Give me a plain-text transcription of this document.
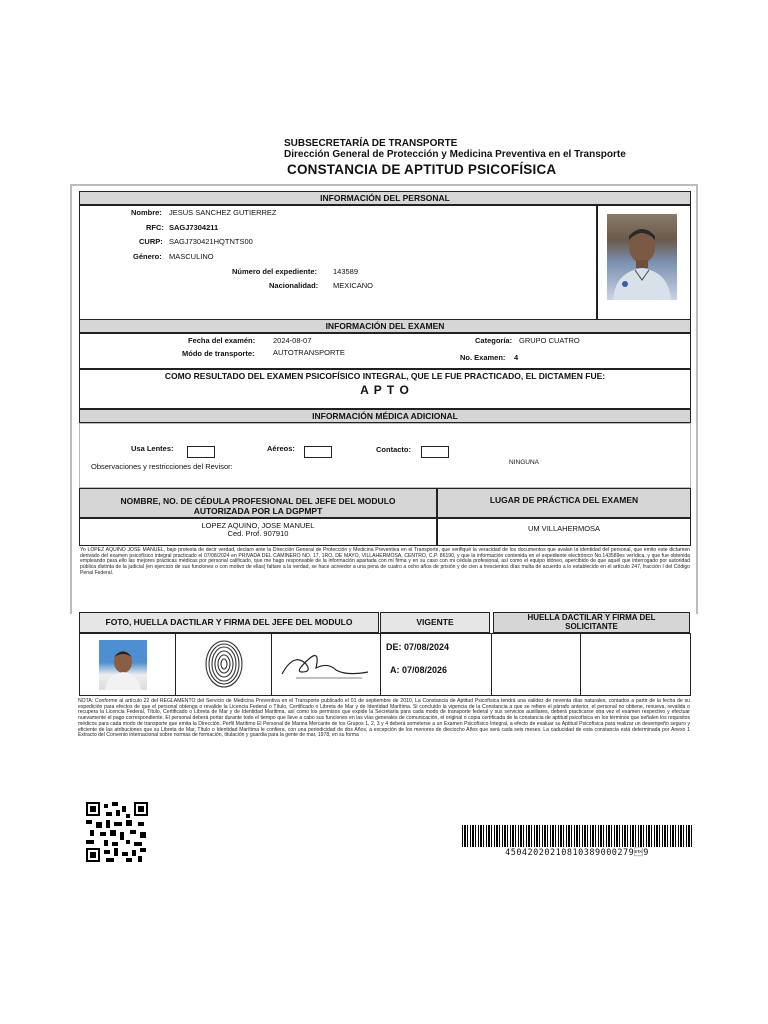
SUBSECRETARÍA DE TRANSPORTE
Dirección General de Protección y Medicina Preventiva en el Transporte
CONSTANCIA DE APTITUD PSICOFÍSICA
INFORMACIÓN DEL PERSONAL
Nombre: JESUS SANCHEZ GUTIERREZ
RFC: SAGJ7304211
CURP: SAGJ730421HQTNTS00
Género: MASCULINO
Número del expediente: 143589
Nacionalidad: MEXICANO
INFORMACIÓN DEL EXAMEN
Fecha del examén: 2024-08-07
Módo de transporte: AUTOTRANSPORTE
Categoría: GRUPO CUATRO
No. Examen: 4
COMO RESULTADO DEL EXAMEN PSICOFÍSICO INTEGRAL, QUE LE FUE PRACTICADO, EL DICTAMEN FUE:
A P T O
INFORMACIÓN MÉDICA ADICIONAL
Usa Lentes:	Aéreos:	Contacto:
Observaciones y restricciones del Revisor:	NINGUNA
NOMBRE, NO. DE CÉDULA PROFESIONAL DEL JEFE DEL MODULO AUTORIZADA POR LA DGPMPT
LUGAR DE PRÁCTICA DEL EXAMEN
LOPEZ AQUINO, JOSE MANUEL
Ced. Prof. 907910
UM VILLAHERMOSA
Yo LOPEZ AQUINO JOSE MANUEL, bajo protesta de decir verdad, declaro ante la Dirección General de Protección y Medicina Preventiva en el Transporte, que verifiqué la veracidad de los documentos que avalan la identidad del personal, que emito este dictamen derivado del examen psicofísico integral practicado el 07/08/2024 en PRIVADA DEL CAMINERO NO. 17, 1RO. DE MAYO, VILLAHERMOSA, CENTRO, C.P. 86190, y que la información contenida en el expediente electrónico No.143589es verídica, y que fue obtenida empleando para ello las mejores prácticas médicas por personal calificado, que me hago responsable de la información apartada con mi firma y en su caso con mi cédula profesional, así como el equipo idóneo, apercibido de que aquél que interrogado por autoridad pública distinta de la judicial (en ejercicio de sus funciones o con motivo de ellas) faltare a la verdad, se hace acreedor a una pena de cuatro a ocho años de prisión y de cien a trescientos días multa de acuerdo a lo establecido en el artículo 247, fracción I del Código Penal Federal.
FOTO, HUELLA DACTILAR Y FIRMA DEL JEFE DEL MODULO	VIGENTE	HUELLA DACTILAR Y FIRMA DEL SOLICITANTE
DE: 07/08/2024
A: 07/08/2026
NOTA: Conforme al artículo 22 del REGLAMENTO del Servicio de Medicina Preventiva en el Transporte publicado el 01 de septiembre de 2010, La Constancia de Aptitud Psicofísica tendrá una validez de noventa días naturales, contados a partir de la fecha de su expedición para efectos de que el personal obtenga o revalide la Licencia Federal o Título, Certificado o Libreta de Mar y de Identidad Marítima. Si concluido la vigencia de la Constancia a que se refiere el párrafo anterior, el personal no obtiene, renueva, revalida o recupera la Licencia Federal, Título, Certificado o Libreta de Mar y de Identidad Marítima, así como los permisos que expide la Secretaría para cada modo de transporte federal y sus servicios auxiliares, deberá practicarse otra vez el examen respectivo y efectuar nuevamente el pago correspondiente. El personal deberá portar durante todo el tiempo que lleve a cabo sus funciones en las vías generales de comunicación, el original o copia certificada de la constancia de aptitud psicofísica en los términos que señalen los requisitos médicos para cada modo de transporte que emita la Dirección. Perfil Marítimo El Personal de Marina Mercante de los Grupos 1, 2, 3 y 4 deberá someterse a un Examen Psicofísico Integral, a efecto de evaluar su Aptitud Psicofísica para realizar un desempeño seguro y eficiente de las atribuciones que su Libreta de Mar, Título o Identidad Marítima le confiera, con una periodicidad de dos Años, a excepción de los menores de dieciocho Años que será cada seis meses. La caducidad de esta constancia está determinada por Anexo 1 Extracto del Convenio internacional sobre normas de formación, titulación y guardia para la gente de mar, 1978, en su forma
450420202108103890002799
